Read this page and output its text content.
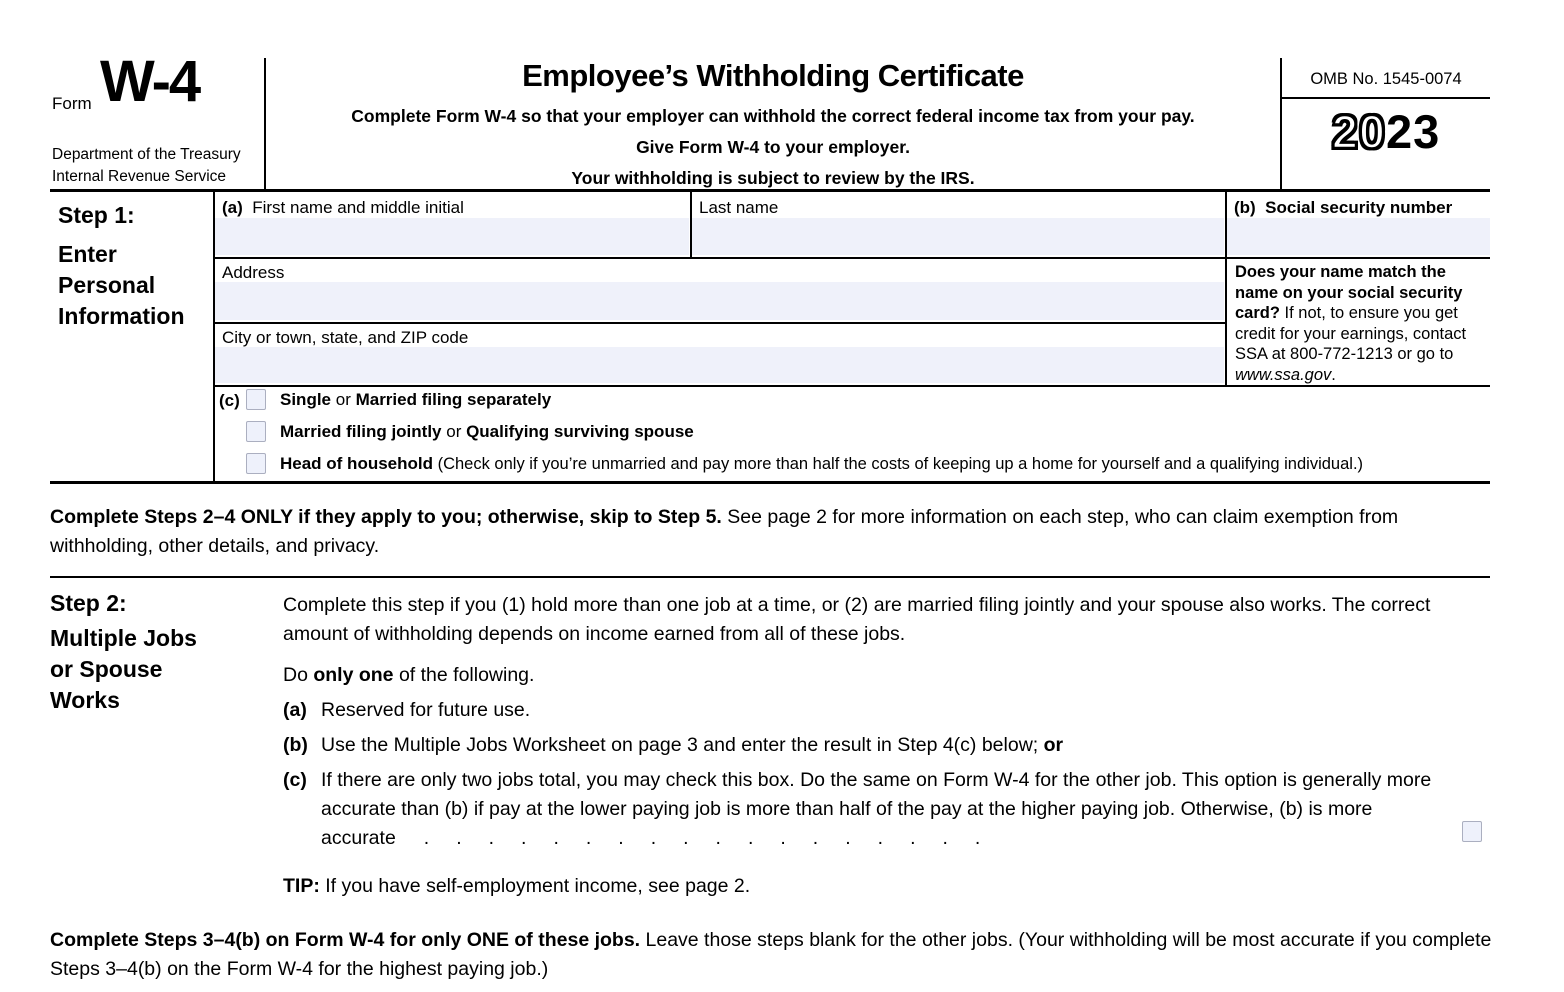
Form W-4
Department of the Treasury
Internal Revenue Service
Employee’s Withholding Certificate
Complete Form W-4 so that your employer can withhold the correct federal income tax from your pay.
Give Form W-4 to your employer.
Your withholding is subject to review by the IRS.
OMB No. 1545-0074
2023
Step 1:
Enter
Personal
Information
(a) First name and middle initial	Last name	(b) Social security number
Address
City or town, state, and ZIP code
Does your name match the name on your social security card? If not, to ensure you get credit for your earnings, contact SSA at 800-772-1213 or go to www.ssa.gov.
(c) Single or Married filing separately
Married filing jointly or Qualifying surviving spouse
Head of household (Check only if you’re unmarried and pay more than half the costs of keeping up a home for yourself and a qualifying individual.)
Complete Steps 2–4 ONLY if they apply to you; otherwise, skip to Step 5. See page 2 for more information on each step, who can claim exemption from withholding, other details, and privacy.
Step 2:
Multiple Jobs
or Spouse
Works
Complete this step if you (1) hold more than one job at a time, or (2) are married filing jointly and your spouse also works. The correct amount of withholding depends on income earned from all of these jobs.
Do only one of the following.
(a) Reserved for future use.
(b) Use the Multiple Jobs Worksheet on page 3 and enter the result in Step 4(c) below; or
(c) If there are only two jobs total, you may check this box. Do the same on Form W-4 for the other job. This option is generally more accurate than (b) if pay at the lower paying job is more than half of the pay at the higher paying job. Otherwise, (b) is more accurate ..................
TIP: If you have self-employment income, see page 2.
Complete Steps 3–4(b) on Form W-4 for only ONE of these jobs. Leave those steps blank for the other jobs. (Your withholding will be most accurate if you complete Steps 3–4(b) on the Form W-4 for the highest paying job.)
